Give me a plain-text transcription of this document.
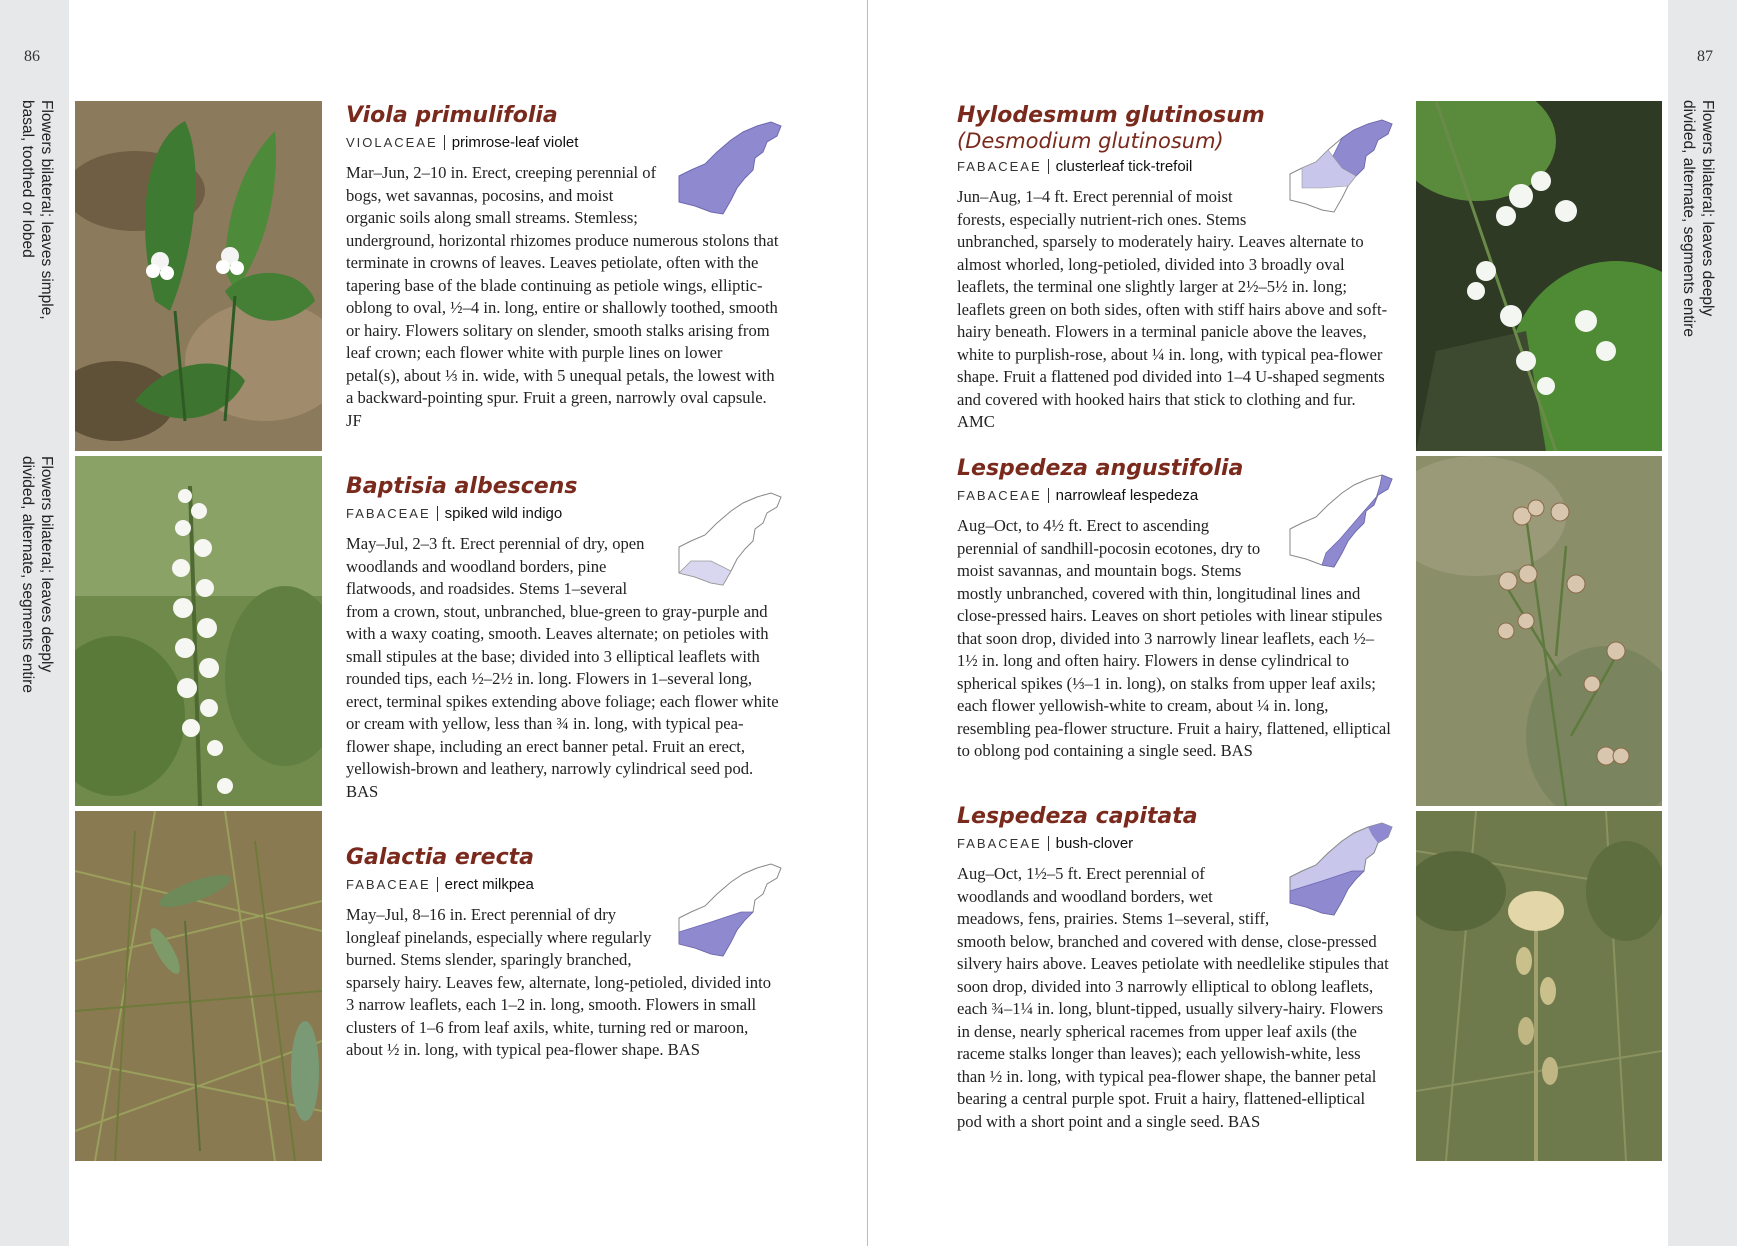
86
Flowers bilateral; leaves simple,
basal, toothed or lobed
Flowers bilateral; leaves deeply
divided, alternate, segments entire

Viola primulifolia

VIOLACEAE primrose-leaf violet

Mar–Jun, 2–10 in. Erect, creeping perennial of bogs, wet savannas, pocosins, and moist organic soils along small streams. Stemless; underground, horizontal rhizomes produce numerous stolons that terminate in crowns of leaves. Leaves petiolate, often with the tapering base of the blade continuing as petiole wings, elliptic-oblong to oval, ½–4 in. long, entire or shallowly toothed, smooth or hairy. Flowers solitary on slender, smooth stalks arising from leaf crown; each flower white with purple lines on lower petal(s), about ⅓ in. wide, with 5 unequal petals, the lowest with a backward-pointing spur. Fruit a green, narrowly oval capsule. JF

Baptisia albescens

FABACEAE spiked wild indigo

May–Jul, 2–3 ft. Erect perennial of dry, open woodlands and woodland borders, pine flatwoods, and roadsides. Stems 1–several from a crown, stout, unbranched, blue-green to gray-purple and with a waxy coating, smooth. Leaves alternate; on petioles with small stipules at the base; divided into 3 elliptical leaflets with rounded tips, each ½–2½ in. long. Flowers in 1–several long, erect, terminal spikes extending above foliage; each flower white or cream with yellow, less than ¾ in. long, with typical pea-flower shape, including an erect banner petal. Fruit an erect, yellowish-brown and leathery, narrowly cylindrical seed pod. BAS

Galactia erecta

FABACEAE erect milkpea

May–Jul, 8–16 in. Erect perennial of dry longleaf pinelands, especially where regularly burned. Stems slender, sparingly branched, sparsely hairy. Leaves few, alternate, long-petioled, divided into 3 narrow leaflets, each 1–2 in. long, smooth. Flowers in small clusters of 1–6 from leaf axils, white, turning red or maroon, about ½ in. long, with typical pea-flower shape. BAS
87
Flowers bilateral; leaves deeply
divided, alternate, segments entire

Hylodesmum glutinosum

(Desmodium glutinosum)

FABACEAE clusterleaf tick-trefoil

Jun–Aug, 1–4 ft. Erect perennial of moist forests, especially nutrient-rich ones. Stems unbranched, sparsely to moderately hairy. Leaves alternate to almost whorled, long-petioled, divided into 3 broadly oval leaflets, the terminal one slightly larger at 2½–5½ in. long; leaflets green on both sides, often with stiff hairs above and soft-hairy beneath. Flowers in a terminal panicle above the leaves, white to purplish-rose, about ¼ in. long, with typical pea-flower shape. Fruit a flattened pod divided into 1–4 U-shaped segments and covered with hooked hairs that stick to clothing and fur. AMC

Lespedeza angustifolia

FABACEAE narrowleaf lespedeza

Aug–Oct, to 4½ ft. Erect to ascending perennial of sandhill-pocosin ecotones, dry to moist savannas, and mountain bogs. Stems mostly unbranched, covered with thin, longitudinal lines and close-pressed hairs. Leaves on short petioles with linear stipules that soon drop, divided into 3 narrowly linear leaflets, each ½–1½ in. long and often hairy. Flowers in dense cylindrical to spherical spikes (⅓–1 in. long), on stalks from upper leaf axils; each flower yellowish-white to cream, about ¼ in. long, resembling pea-flower structure. Fruit a hairy, flattened, elliptical to oblong pod containing a single seed. BAS

Lespedeza capitata

FABACEAE bush-clover

Aug–Oct, 1½–5 ft. Erect perennial of woodlands and woodland borders, wet meadows, fens, prairies. Stems 1–several, stiff, smooth below, branched and covered with dense, close-pressed silvery hairs above. Leaves petiolate with needlelike stipules that soon drop, divided into 3 narrowly elliptical to oblong leaflets, each ¾–1¼ in. long, blunt-tipped, usually silvery-hairy. Flowers in dense, nearly spherical racemes from upper leaf axils (the raceme stalks longer than leaves); each yellowish-white, less than ½ in. long, with typical pea-flower shape, the banner petal bearing a central purple spot. Fruit a hairy, flattened-elliptical pod with a short point and a single seed. BAS
